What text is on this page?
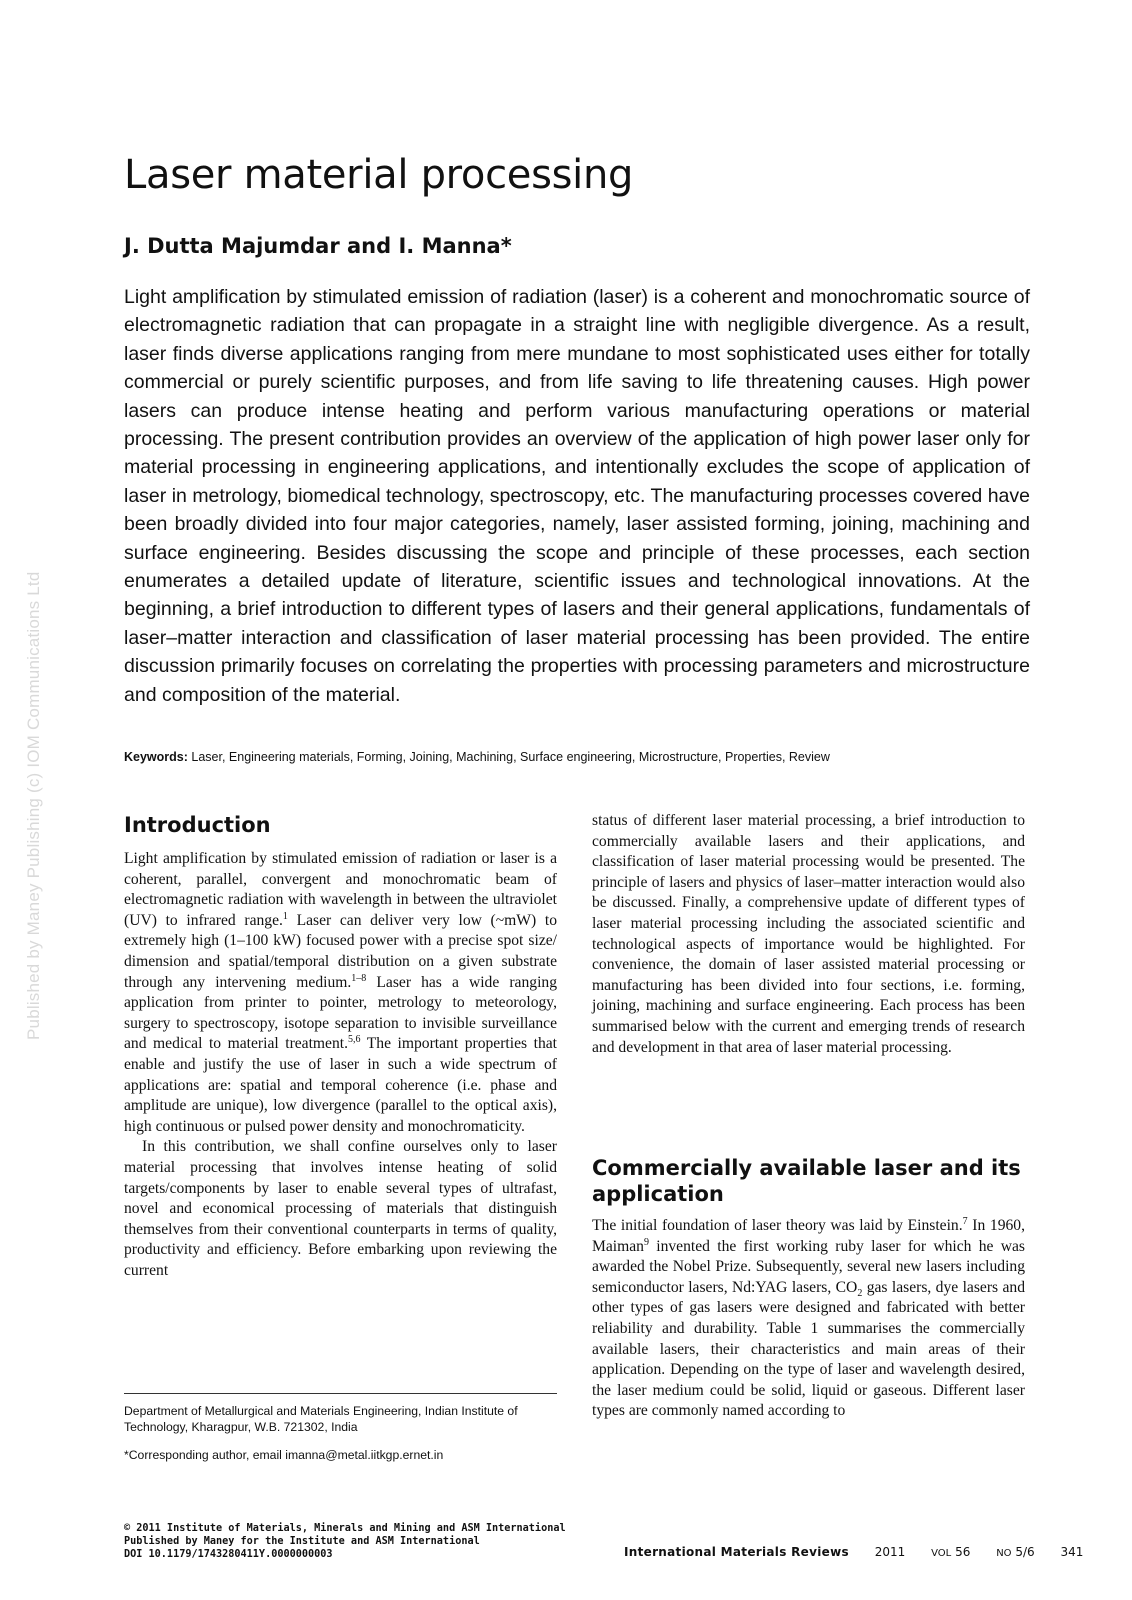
Published by Maney Publishing (c) IOM Communications Ltd
Laser material processing
J. Dutta Majumdar and I. Manna*

Light amplification by stimulated emission of radiation (laser) is a coherent and monochromatic source of electromagnetic radiation that can propagate in a straight line with negligible divergence. As a result, laser finds diverse applications ranging from mere mundane to most sophisticated uses either for totally commercial or purely scientific purposes, and from life saving to life threatening causes. High power lasers can produce intense heating and perform various manufacturing operations or material processing. The present contribution provides an overview of the application of high power laser only for material processing in engineering applications, and intentionally excludes the scope of application of laser in metrology, biomedical technology, spectroscopy, etc. The manufacturing processes covered have been broadly divided into four major categories, namely, laser assisted forming, joining, machining and surface engineering. Besides discussing the scope and principle of these processes, each section enumerates a detailed update of literature, scientific issues and technological innovations. At the beginning, a brief introduction to different types of lasers and their general applications, fundamentals of laser–matter interaction and classification of laser material processing has been provided. The entire discussion primarily focuses on correlating the properties with processing parameters and microstructure and composition of the material.

Keywords: Laser, Engineering materials, Forming, Joining, Machining, Surface engineering, Microstructure, Properties, Review
Introduction

Light amplification by stimulated emission of radiation or laser is a coherent, parallel, convergent and monochromatic beam of electromagnetic radiation with wavelength in between the ultraviolet (UV) to infrared range.$^1$ Laser can deliver very low (~mW) to extremely high (1–100 kW) focused power with a precise spot size/ dimension and spatial/temporal distribution on a given substrate through any intervening medium.$^{1-8}$ Laser has a wide ranging application from printer to pointer, metrology to meteorology, surgery to spectroscopy, isotope separation to invisible surveillance and medical to material treatment.$^{5,6}$ The important properties that enable and justify the use of laser in such a wide spectrum of applications are: spatial and temporal coherence (i.e. phase and amplitude are unique), low divergence (parallel to the optical axis), high continuous or pulsed power density and monochromaticity.

In this contribution, we shall confine ourselves only to laser material processing that involves intense heating of solid targets/components by laser to enable several types of ultrafast, novel and economical processing of materials that distinguish themselves from their conventional counterparts in terms of quality, productivity and efficiency. Before embarking upon reviewing the current

status of different laser material processing, a brief introduction to commercially available lasers and their applications, and classification of laser material processing would be presented. The principle of lasers and physics of laser–matter interaction would also be discussed. Finally, a comprehensive update of different types of laser material processing including the associated scientific and technological aspects of importance would be highlighted. For convenience, the domain of laser assisted material processing or manufacturing has been divided into four sections, i.e. forming, joining, machining and surface engineering. Each process has been summarised below with the current and emerging trends of research and development in that area of laser material processing.

Commercially available laser and its application

The initial foundation of laser theory was laid by Einstein.$^7$ In 1960, Maiman$^9$ invented the first working ruby laser for which he was awarded the Nobel Prize. Subsequently, several new lasers including semiconductor lasers, Nd:YAG lasers, $CO_2$ gas lasers, dye lasers and other types of gas lasers were designed and fabricated with better reliability and durability. Table 1 summarises the commercially available lasers, their characteristics and main areas of their application. Depending on the type of laser and wavelength desired, the laser medium could be solid, liquid or gaseous. Different laser types are commonly named according to

Department of Metallurgical and Materials Engineering, Indian Institute of Technology, Kharagpur, W.B. 721302, India

*Corresponding author, email imanna@metal.iitkgp.ernet.in

© 2011 Institute of Materials, Minerals and Mining and ASM International
Published by Maney for the Institute and ASM International
DOI 10.1179/1743280411Y.0000000003	International Materials Reviews 2011	VOL 56	NO 5/6 341
